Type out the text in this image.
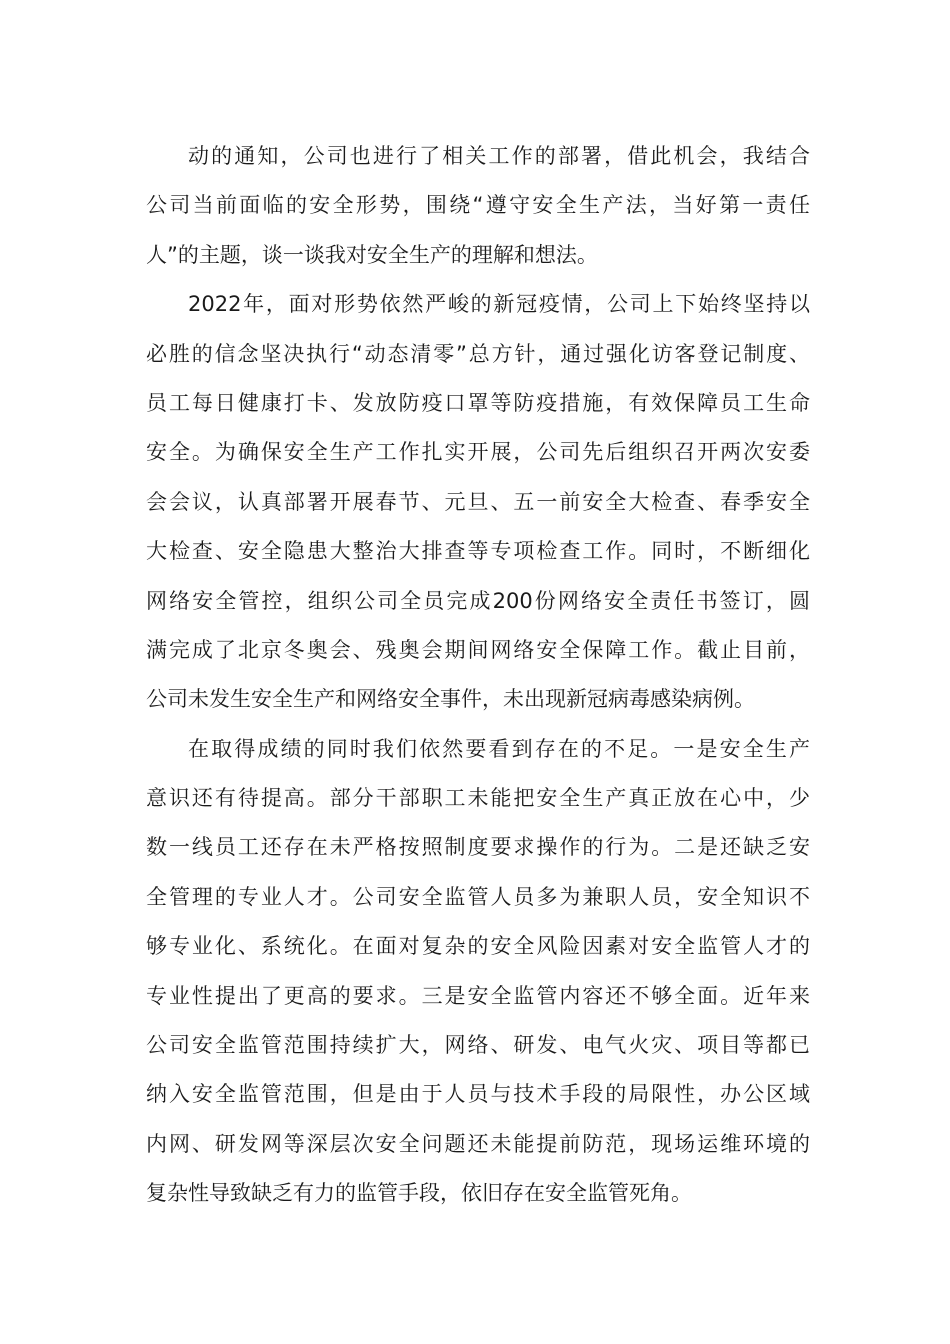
动的通知，公司也进行了相关工作的部署，借此机会，我结合
公司当前面临的安全形势，围绕“遵守安全生产法，当好第一责任
人”的主题，谈一谈我对安全生产的理解和想法。
2022年，面对形势依然严峻的新冠疫情，公司上下始终坚持以
必胜的信念坚决执行“动态清零”总方针，通过强化访客登记制度、
员工每日健康打卡、发放防疫口罩等防疫措施，有效保障员工生命
安全。为确保安全生产工作扎实开展，公司先后组织召开两次安委
会会议，认真部署开展春节、元旦、五一前安全大检查、春季安全
大检查、安全隐患大整治大排查等专项检查工作。同时，不断细化
网络安全管控，组织公司全员完成200份网络安全责任书签订，圆
满完成了北京冬奥会、残奥会期间网络安全保障工作。截止目前，
公司未发生安全生产和网络安全事件，未出现新冠病毒感染病例。
在取得成绩的同时我们依然要看到存在的不足。一是安全生产
意识还有待提高。部分干部职工未能把安全生产真正放在心中，少
数一线员工还存在未严格按照制度要求操作的行为。二是还缺乏安
全管理的专业人才。公司安全监管人员多为兼职人员，安全知识不
够专业化、系统化。在面对复杂的安全风险因素对安全监管人才的
专业性提出了更高的要求。三是安全监管内容还不够全面。近年来
公司安全监管范围持续扩大，网络、研发、电气火灾、项目等都已
纳入安全监管范围，但是由于人员与技术手段的局限性，办公区域
内网、研发网等深层次安全问题还未能提前防范，现场运维环境的
复杂性导致缺乏有力的监管手段，依旧存在安全监管死角。
